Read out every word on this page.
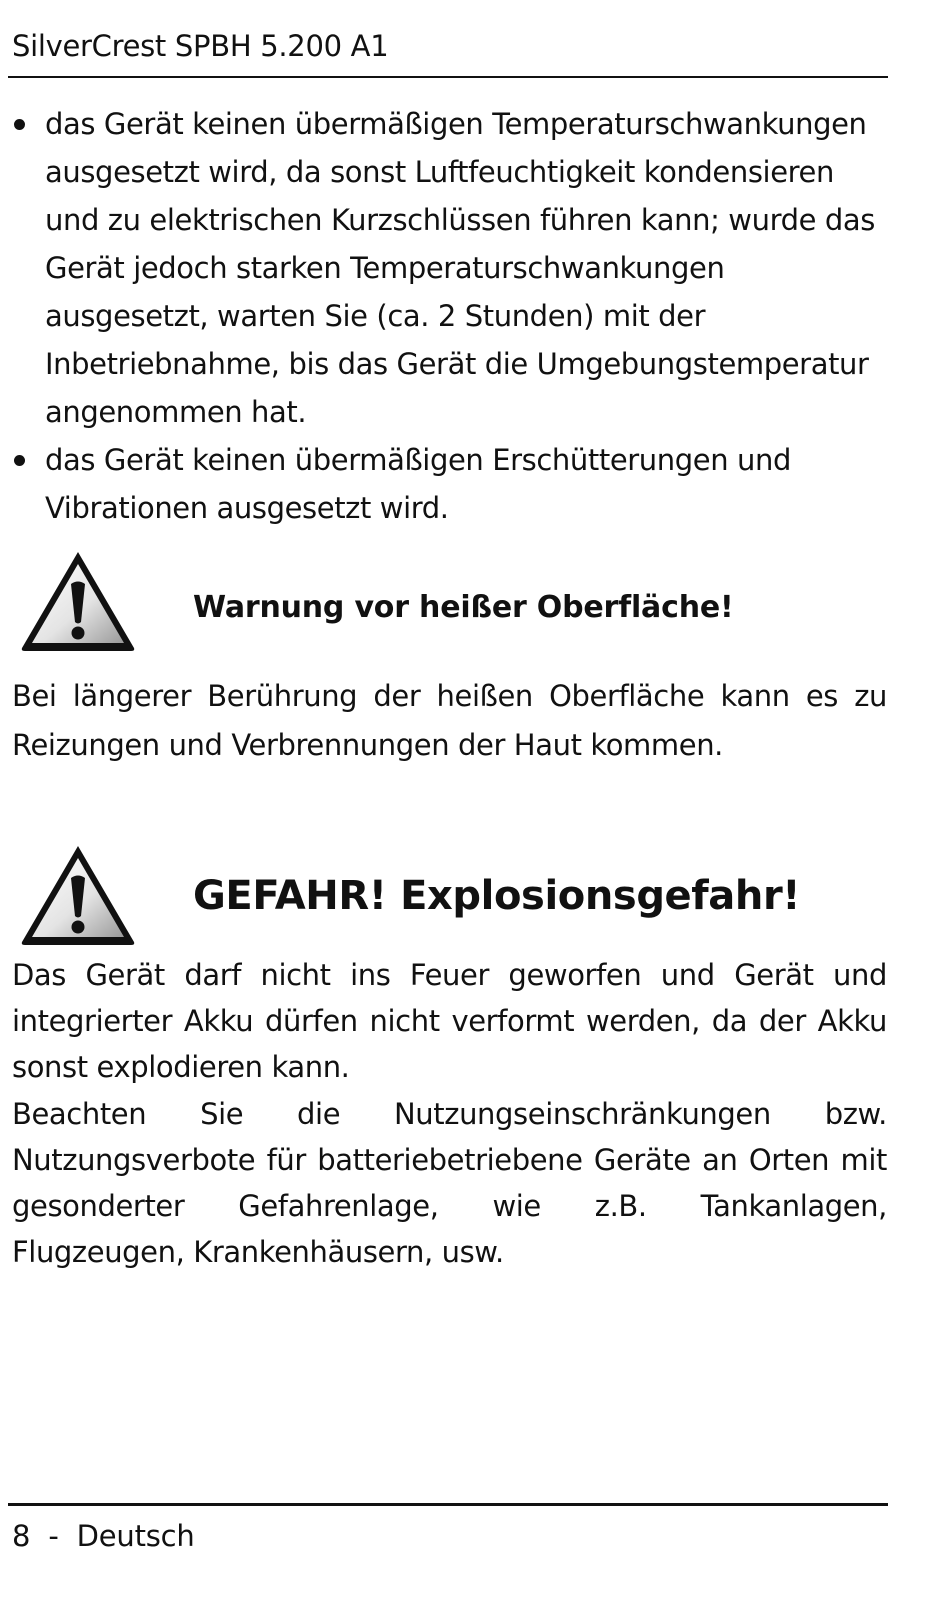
SilverCrest SPBH 5.200 A1
das Gerät keinen übermäßigen Temperaturschwankungen ausgesetzt wird, da sonst Luftfeuchtigkeit kondensieren und zu elektrischen Kurzschlüssen führen kann; wurde das Gerät jedoch starken Temperaturschwankungen ausgesetzt, warten Sie (ca. 2 Stunden) mit der Inbetriebnahme, bis das Gerät die Umgebungstemperatur angenommen hat.
das Gerät keinen übermäßigen Erschütterungen und Vibrationen ausgesetzt wird.
Warnung vor heißer Oberfläche!

Bei längerer Berührung der heißen Oberfläche kann es zu Reizungen und Verbrennungen der Haut kommen.

GEFAHR! Explosionsgefahr!

Das Gerät darf nicht ins Feuer geworfen und Gerät und integrierter Akku dürfen nicht verformt werden, da der Akku sonst explodieren kann.

Beachten Sie die Nutzungseinschränkungen bzw. Nutzungsverbote für batteriebetriebene Geräte an Orten mit gesonderter Gefahrenlage, wie z.B. Tankanlagen, Flugzeugen, Krankenhäusern, usw.

8 - Deutsch
